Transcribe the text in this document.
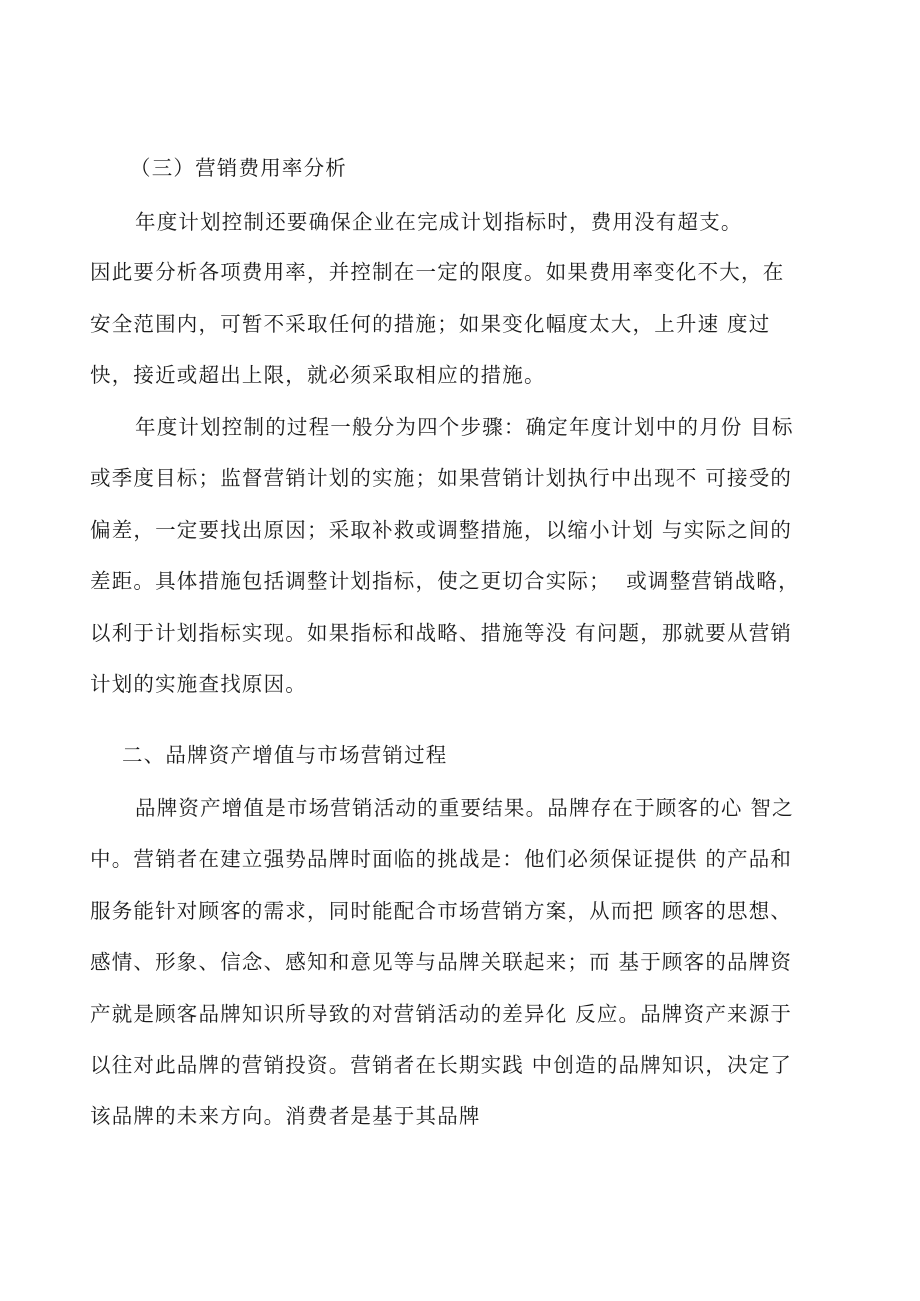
（三）营销费用率分析
年度计划控制还要确保企业在完成计划指标时，费用没有超支。
因此要分析各项费用率，并控制在一定的限度。如果费用率变化不大，在
安全范围内，可暂不采取任何的措施；如果变化幅度太大，上升速 度过
快，接近或超出上限，就必须采取相应的措施。
年度计划控制的过程一般分为四个步骤：确定年度计划中的月份 目标
或季度目标；监督营销计划的实施；如果营销计划执行中出现不 可接受的
偏差，一定要找出原因；采取补救或调整措施，以缩小计划 与实际之间的
差距。具体措施包括调整计划指标，使之更切合实际；  或调整营销战略，
以利于计划指标实现。如果指标和战略、措施等没 有问题，那就要从营销
计划的实施查找原因。
二、品牌资产增值与市场营销过程
品牌资产增值是市场营销活动的重要结果。品牌存在于顾客的心 智之
中。营销者在建立强势品牌时面临的挑战是：他们必须保证提供 的产品和
服务能针对顾客的需求，同时能配合市场营销方案，从而把 顾客的思想、
感情、形象、信念、感知和意见等与品牌关联起来；而 基于顾客的品牌资
产就是顾客品牌知识所导致的对营销活动的差异化 反应。品牌资产来源于
以往对此品牌的营销投资。营销者在长期实践 中创造的品牌知识，决定了
该品牌的未来方向。消费者是基于其品牌
